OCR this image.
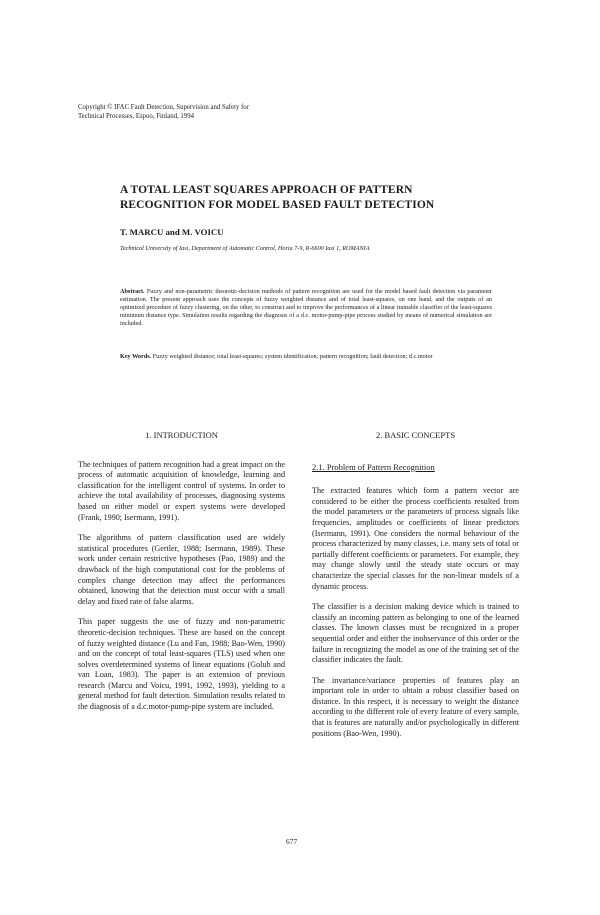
Copyright © IFAC Fault Detection, Supervision and Safety for
Technical Processes, Espoo, Finland, 1994
A TOTAL LEAST SQUARES APPROACH OF PATTERN
RECOGNITION FOR MODEL BASED FAULT DETECTION
T. MARCU and M. VOICU
Technical University of Iasi, Department of Automatic Control, Horia 7-9, R-6600 Iasi 1, ROMANIA
Abstract. Fuzzy and non-parametric theoretic-decision methods of pattern recognition are used for the model based fault detection via parameter estimation. The present approach uses the concepts of fuzzy weighted distance and of total least-squares, on one hand, and the outputs of an optimized procedure of fuzzy clustering, on the other, to construct and to improve the performances of a linear trainable classifier of the least-squares minimum distance type. Simulation results regarding the diagnosis of a d.c. motor-pump-pipe process studied by means of numerical simulation are included.
Key Words. Fuzzy weighted distance; total least-squares; system identification; pattern recognition; fault detection; d.c.motor
1. INTRODUCTION

The techniques of pattern recognition had a great impact on the process of automatic acquisition of knowledge, learning and classification for the intelligent control of systems. In order to achieve the total availability of processes, diagnosing systems based on either model or expert systems were developed (Frank, 1990; Isermann, 1991).

The algorithms of pattern classification used are widely statistical procedures (Gertler, 1988; Isermann, 1989). These work under certain restrictive hypotheses (Pao, 1989) and the drawback of the high computational cost for the problems of complex change detection may affect the performances obtained, knowing that the detection must occur with a small delay and fixed rate of false alarms.

This paper suggests the use of fuzzy and non-parametric theoretic-decision techniques. These are based on the concept of fuzzy weighted distance (Lu and Fan, 1988; Bao-Wen, 1990) and on the concept of total least-squares (TLS) used when one solves overdetermined systems of linear equations (Golub and van Loan, 1983). The paper is an extension of previous research (Marcu and Voicu, 1991, 1992, 1993), yielding to a general method for fault detection. Simulation results related to the diagnosis of a d.c.motor-pump-pipe system are included.

2. BASIC CONCEPTS
2.1. Problem of Pattern Recognition

The extracted features which form a pattern vector are considered to be either the process coefficients resulted from the model parameters or the parameters of process signals like frequencies, amplitudes or coefficients of linear predictors (Isermann, 1991). One considers the normal behaviour of the process characterized by many classes, i.e. many sets of total or partially different coefficients or parameters. For example, they may change slowly until the steady state occurs or may characterize the special classes for the non-linear models of a dynamic process.

The classifier is a decision making device which is trained to classify an incoming pattern as belonging to one of the learned classes. The known classes must be recognized in a proper sequential order and either the inobservance of this order or the failure in recognizing the model as one of the training set of the classifier indicates the fault.

The invariance/variance properties of features play an important role in order to obtain a robust classifier based on distance. In this respect, it is necessary to weight the distance according to the different role of every feature of every sample, that is features are naturally and/or psychologically in different positions (Bao-Wen, 1990).

677
